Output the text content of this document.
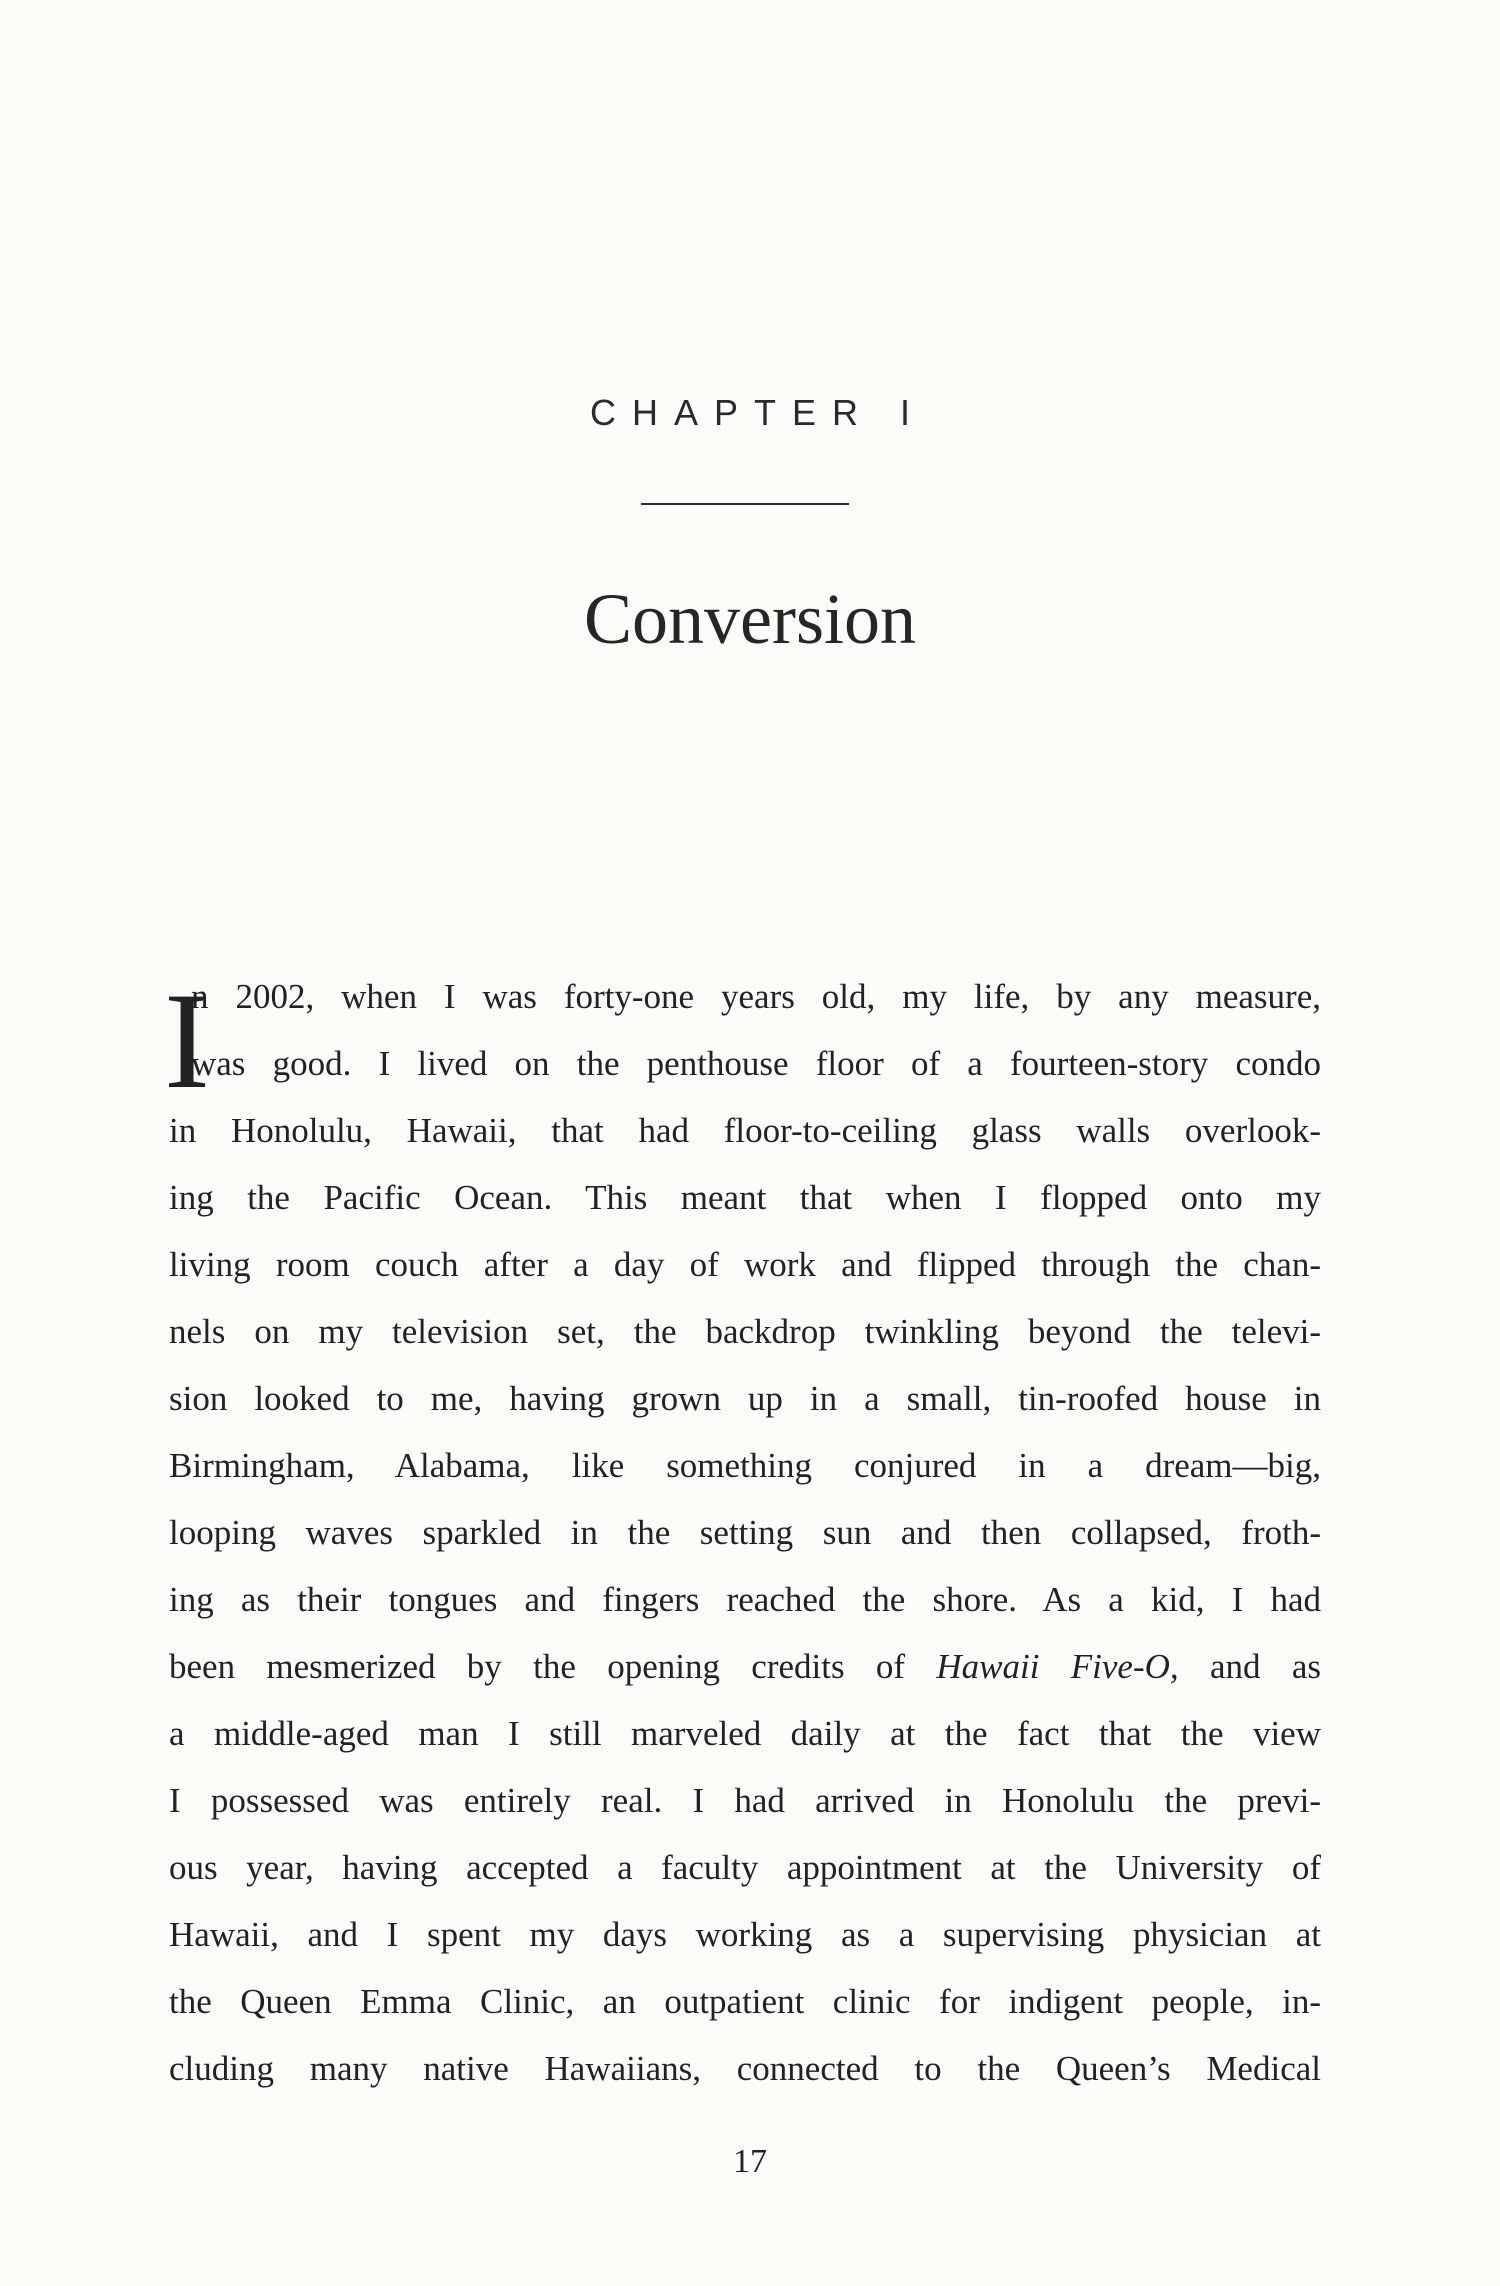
CHAPTER I
Conversion
I
n 2002, when I was forty-one years old, my life, by any measure,
was good. I lived on the penthouse floor of a fourteen-story condo
in Honolulu, Hawaii, that had floor-to-ceiling glass walls overlook-
ing the Pacific Ocean. This meant that when I flopped onto my
living room couch after a day of work and flipped through the chan-
nels on my television set, the backdrop twinkling beyond the televi-
sion looked to me, having grown up in a small, tin-roofed house in
Birmingham, Alabama, like something conjured in a dream—big,
looping waves sparkled in the setting sun and then collapsed, froth-
ing as their tongues and fingers reached the shore. As a kid, I had
been mesmerized by the opening credits of Hawaii Five-O, and as
a middle-aged man I still marveled daily at the fact that the view
I possessed was entirely real. I had arrived in Honolulu the previ-
ous year, having accepted a faculty appointment at the University of
Hawaii, and I spent my days working as a supervising physician at
the Queen Emma Clinic, an outpatient clinic for indigent people, in-
cluding many native Hawaiians, connected to the Queen’s Medical
17
